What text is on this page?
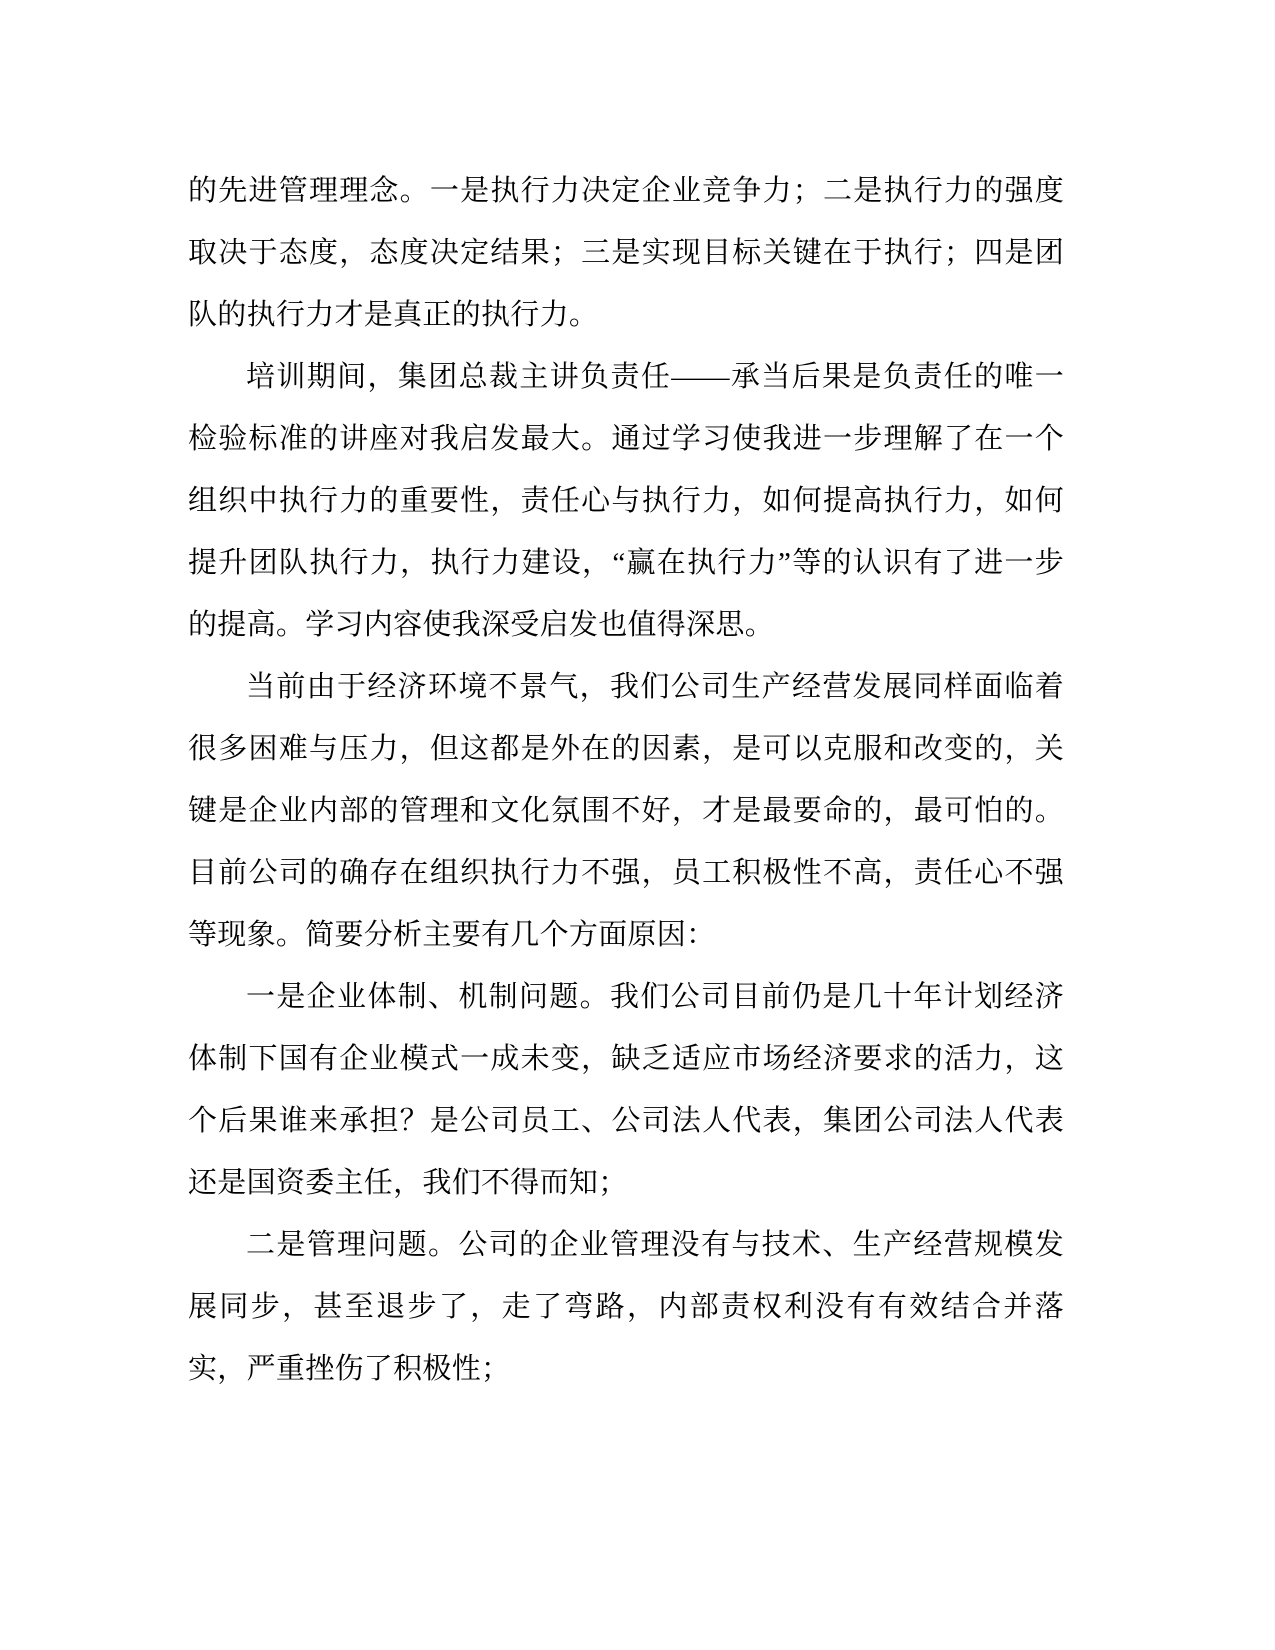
的先进管理理念。一是执行力决定企业竞争力；二是执行力的强度取决于态度，态度决定结果；三是实现目标关键在于执行；四是团队的执行力才是真正的执行力。

培训期间，集团总裁主讲负责任——承当后果是负责任的唯一检验标准的讲座对我启发最大。通过学习使我进一步理解了在一个组织中执行力的重要性，责任心与执行力，如何提高执行力，如何提升团队执行力，执行力建设，“赢在执行力”等的认识有了进一步的提高。学习内容使我深受启发也值得深思。

当前由于经济环境不景气，我们公司生产经营发展同样面临着很多困难与压力，但这都是外在的因素，是可以克服和改变的，关键是企业内部的管理和文化氛围不好，才是最要命的，最可怕的。目前公司的确存在组织执行力不强，员工积极性不高，责任心不强等现象。简要分析主要有几个方面原因：

一是企业体制、机制问题。我们公司目前仍是几十年计划经济体制下国有企业模式一成未变，缺乏适应市场经济要求的活力，这个后果谁来承担？是公司员工、公司法人代表，集团公司法人代表还是国资委主任，我们不得而知；

二是管理问题。公司的企业管理没有与技术、生产经营规模发展同步，甚至退步了，走了弯路，内部责权利没有有效结合并落实，严重挫伤了积极性；
